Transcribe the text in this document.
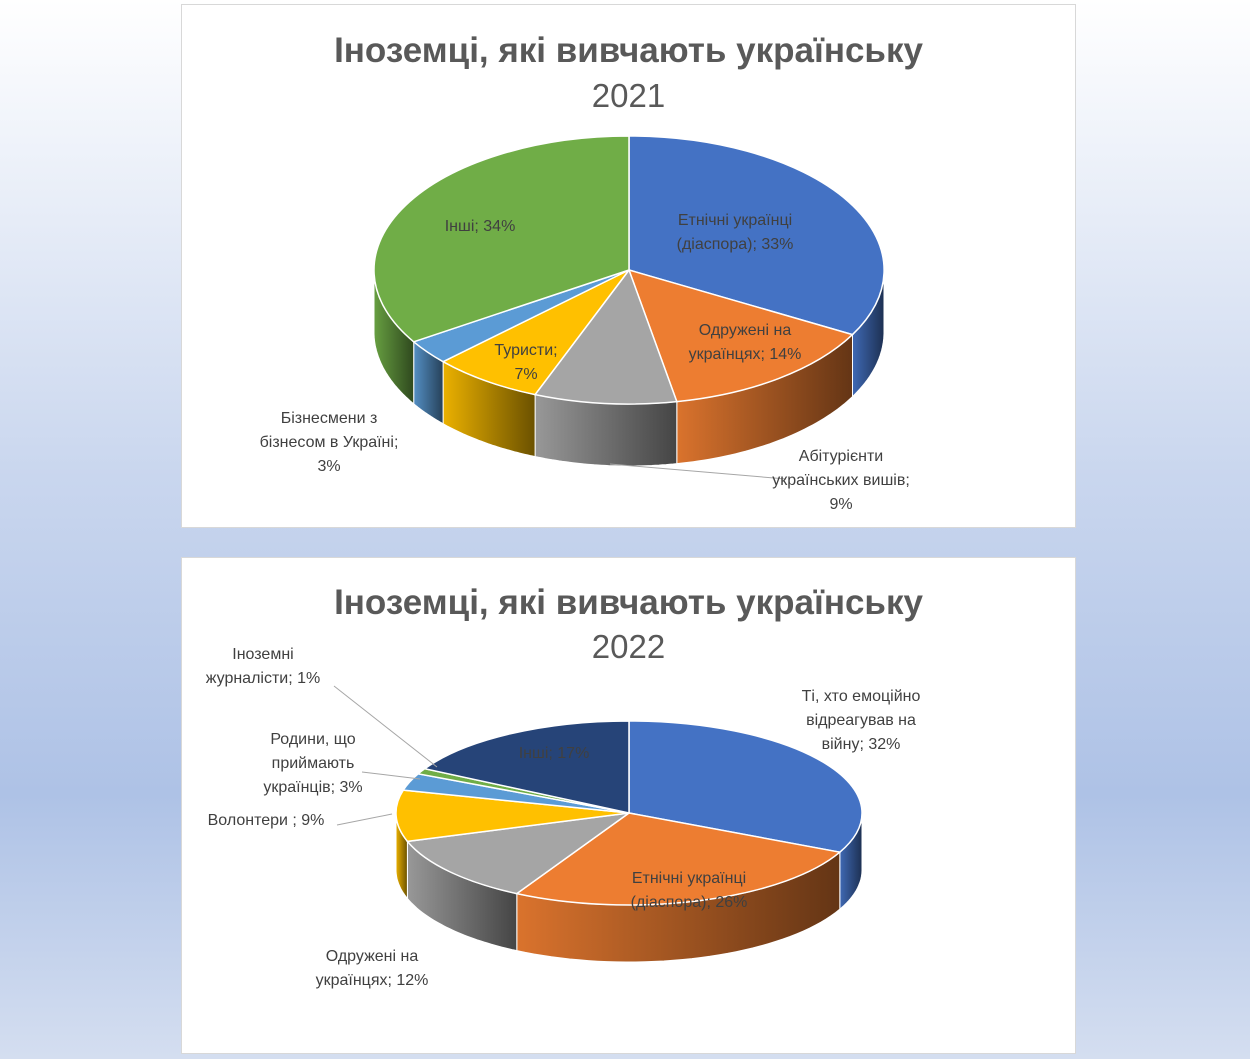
Іноземці, які вивчають українську
2021
Етнічні українці (діаспора); 33%
Одружені на українцях; 14%
Абітурієнти українських вишів; 9%
Туристи; 7%
Бізнесмени з бізнесом в Україні; 3%
Інші; 34%
Іноземці, які вивчають українську
2022
Ті, хто емоційно відреагував на війну; 32%
Етнічні українці (діаспора); 26%
Одружені на українцях; 12%
Волонтери ; 9%
Родини, що приймають українців; 3%
Іноземні журналісти; 1%
Інші; 17%
